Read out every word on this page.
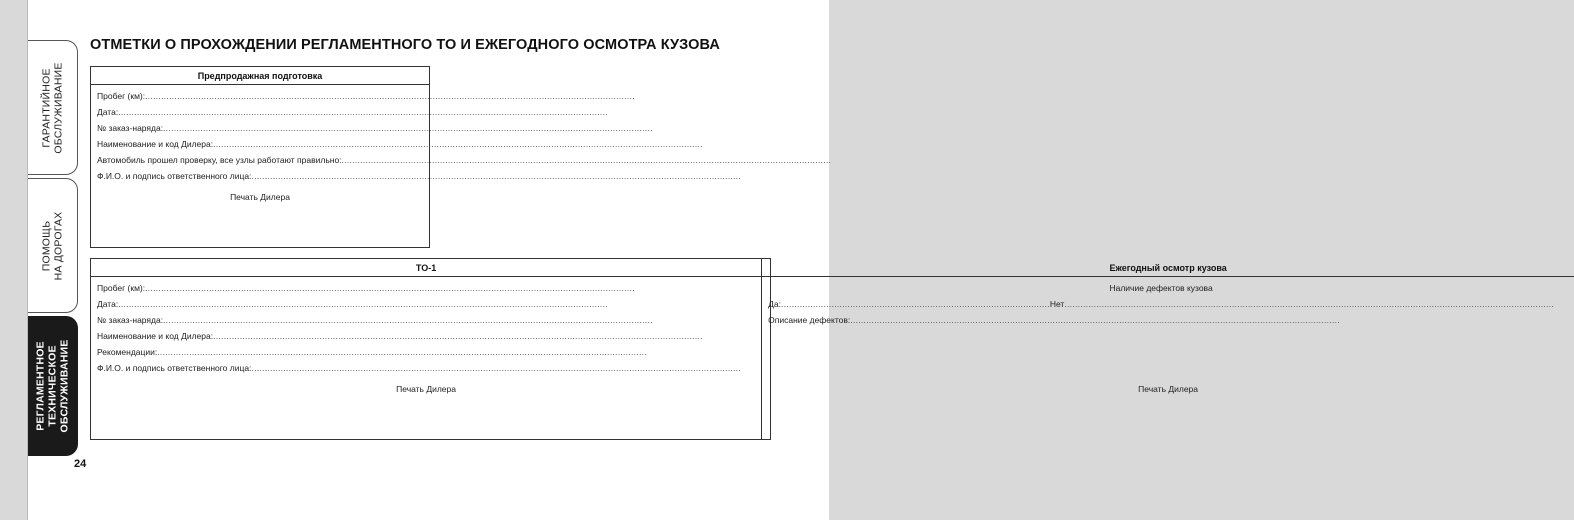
ГАРАНТИЙНОЕ ОБСЛУЖИВАНИЕ
ПОМОЩЬ НА ДОРОГАХ
РЕГЛАМЕНТНОЕ ТЕХНИЧЕСКОЕ ОБСЛУЖИВАНИЕ
24
ОТМЕТКИ О ПРОХОЖДЕНИИ РЕГЛАМЕНТНОГО ТО И ЕЖЕГОДНОГО ОСМОТРА КУЗОВА
Предпродажная подготовка
Пробег (км):
.....
Дата:
.....
№ заказ-наряда:
.....
Наименование и код Дилера:
.....
Автомобиль прошел проверку, все узлы работают правильно:
.....
Ф.И.О. и подпись ответственного лица:
.....
Печать Дилера
ТО-1
Пробег (км):
.....
Дата:
.....
№ заказ-наряда:
.....
Наименование и код Дилера:
.....
Рекомендации:
.....
Ф.И.О. и подпись ответственного лица:
.....
Печать Дилера
Ежегодный осмотр кузова
Наличие дефектов кузова
Да:
.....	Нет
.....
Описание дефектов:
.....
Печать Дилера
